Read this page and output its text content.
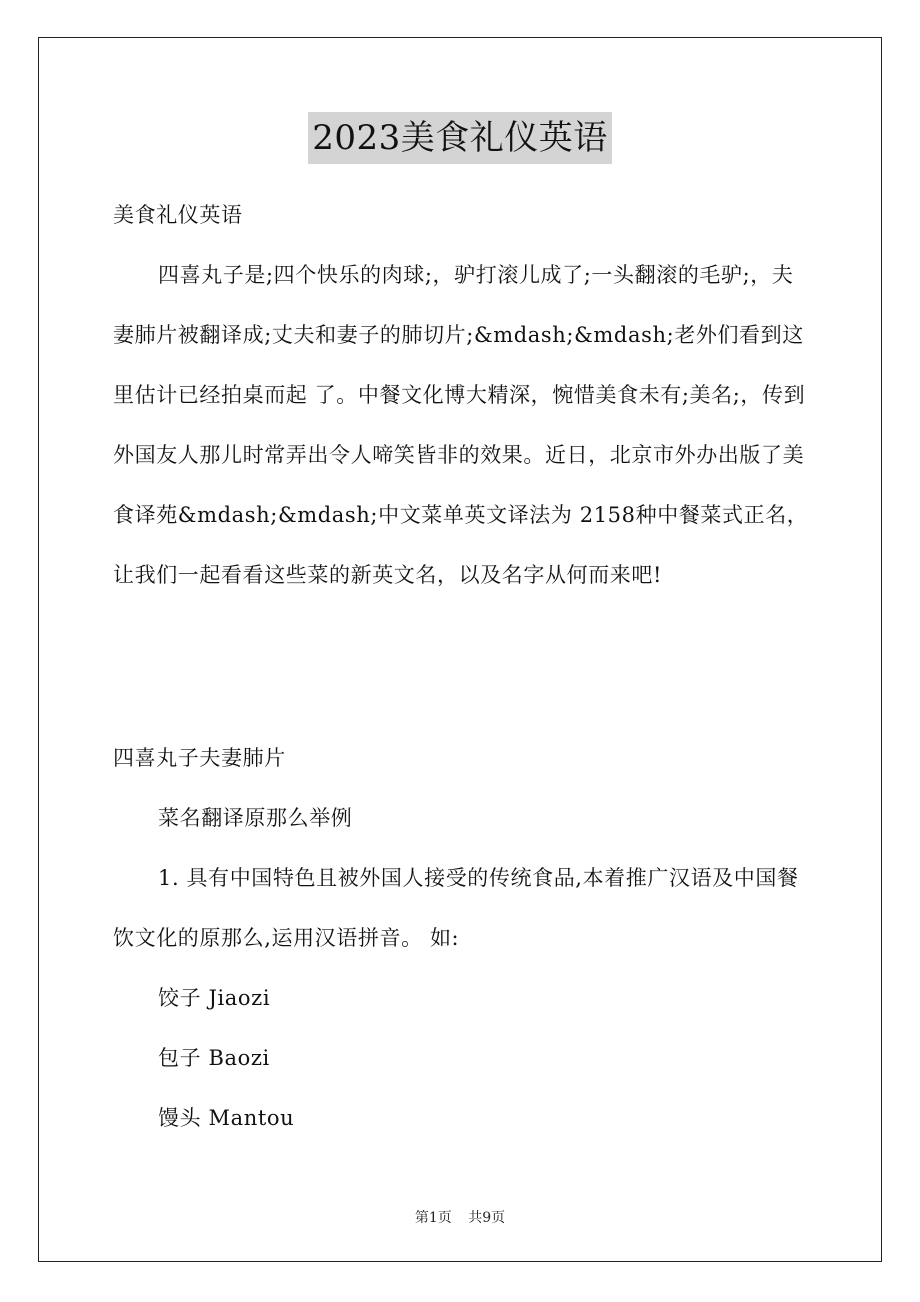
2023美食礼仪英语

美食礼仪英语

四喜丸子是;四个快乐的肉球;，驴打滚儿成了;一头翻滚的毛驴;，夫妻肺片被翻译成;丈夫和妻子的肺切片;&mdash;&mdash;老外们看到这里估计已经拍桌而起 了。中餐文化博大精深，惋惜美食未有;美名;，传到外国友人那儿时常弄出令人啼笑皆非的效果。近日，北京市外办出版了美食译苑&mdash;&mdash;中文菜单英文译法为 2158种中餐菜式正名，让我们一起看看这些菜的新英文名，以及名字从何而来吧!

四喜丸子夫妻肺片

菜名翻译原那么举例

1. 具有中国特色且被外国人接受的传统食品,本着推广汉语及中国餐饮文化的原那么,运用汉语拼音。 如:

饺子 Jiaozi

包子 Baozi

馒头 Mantou

第1页 共9页
